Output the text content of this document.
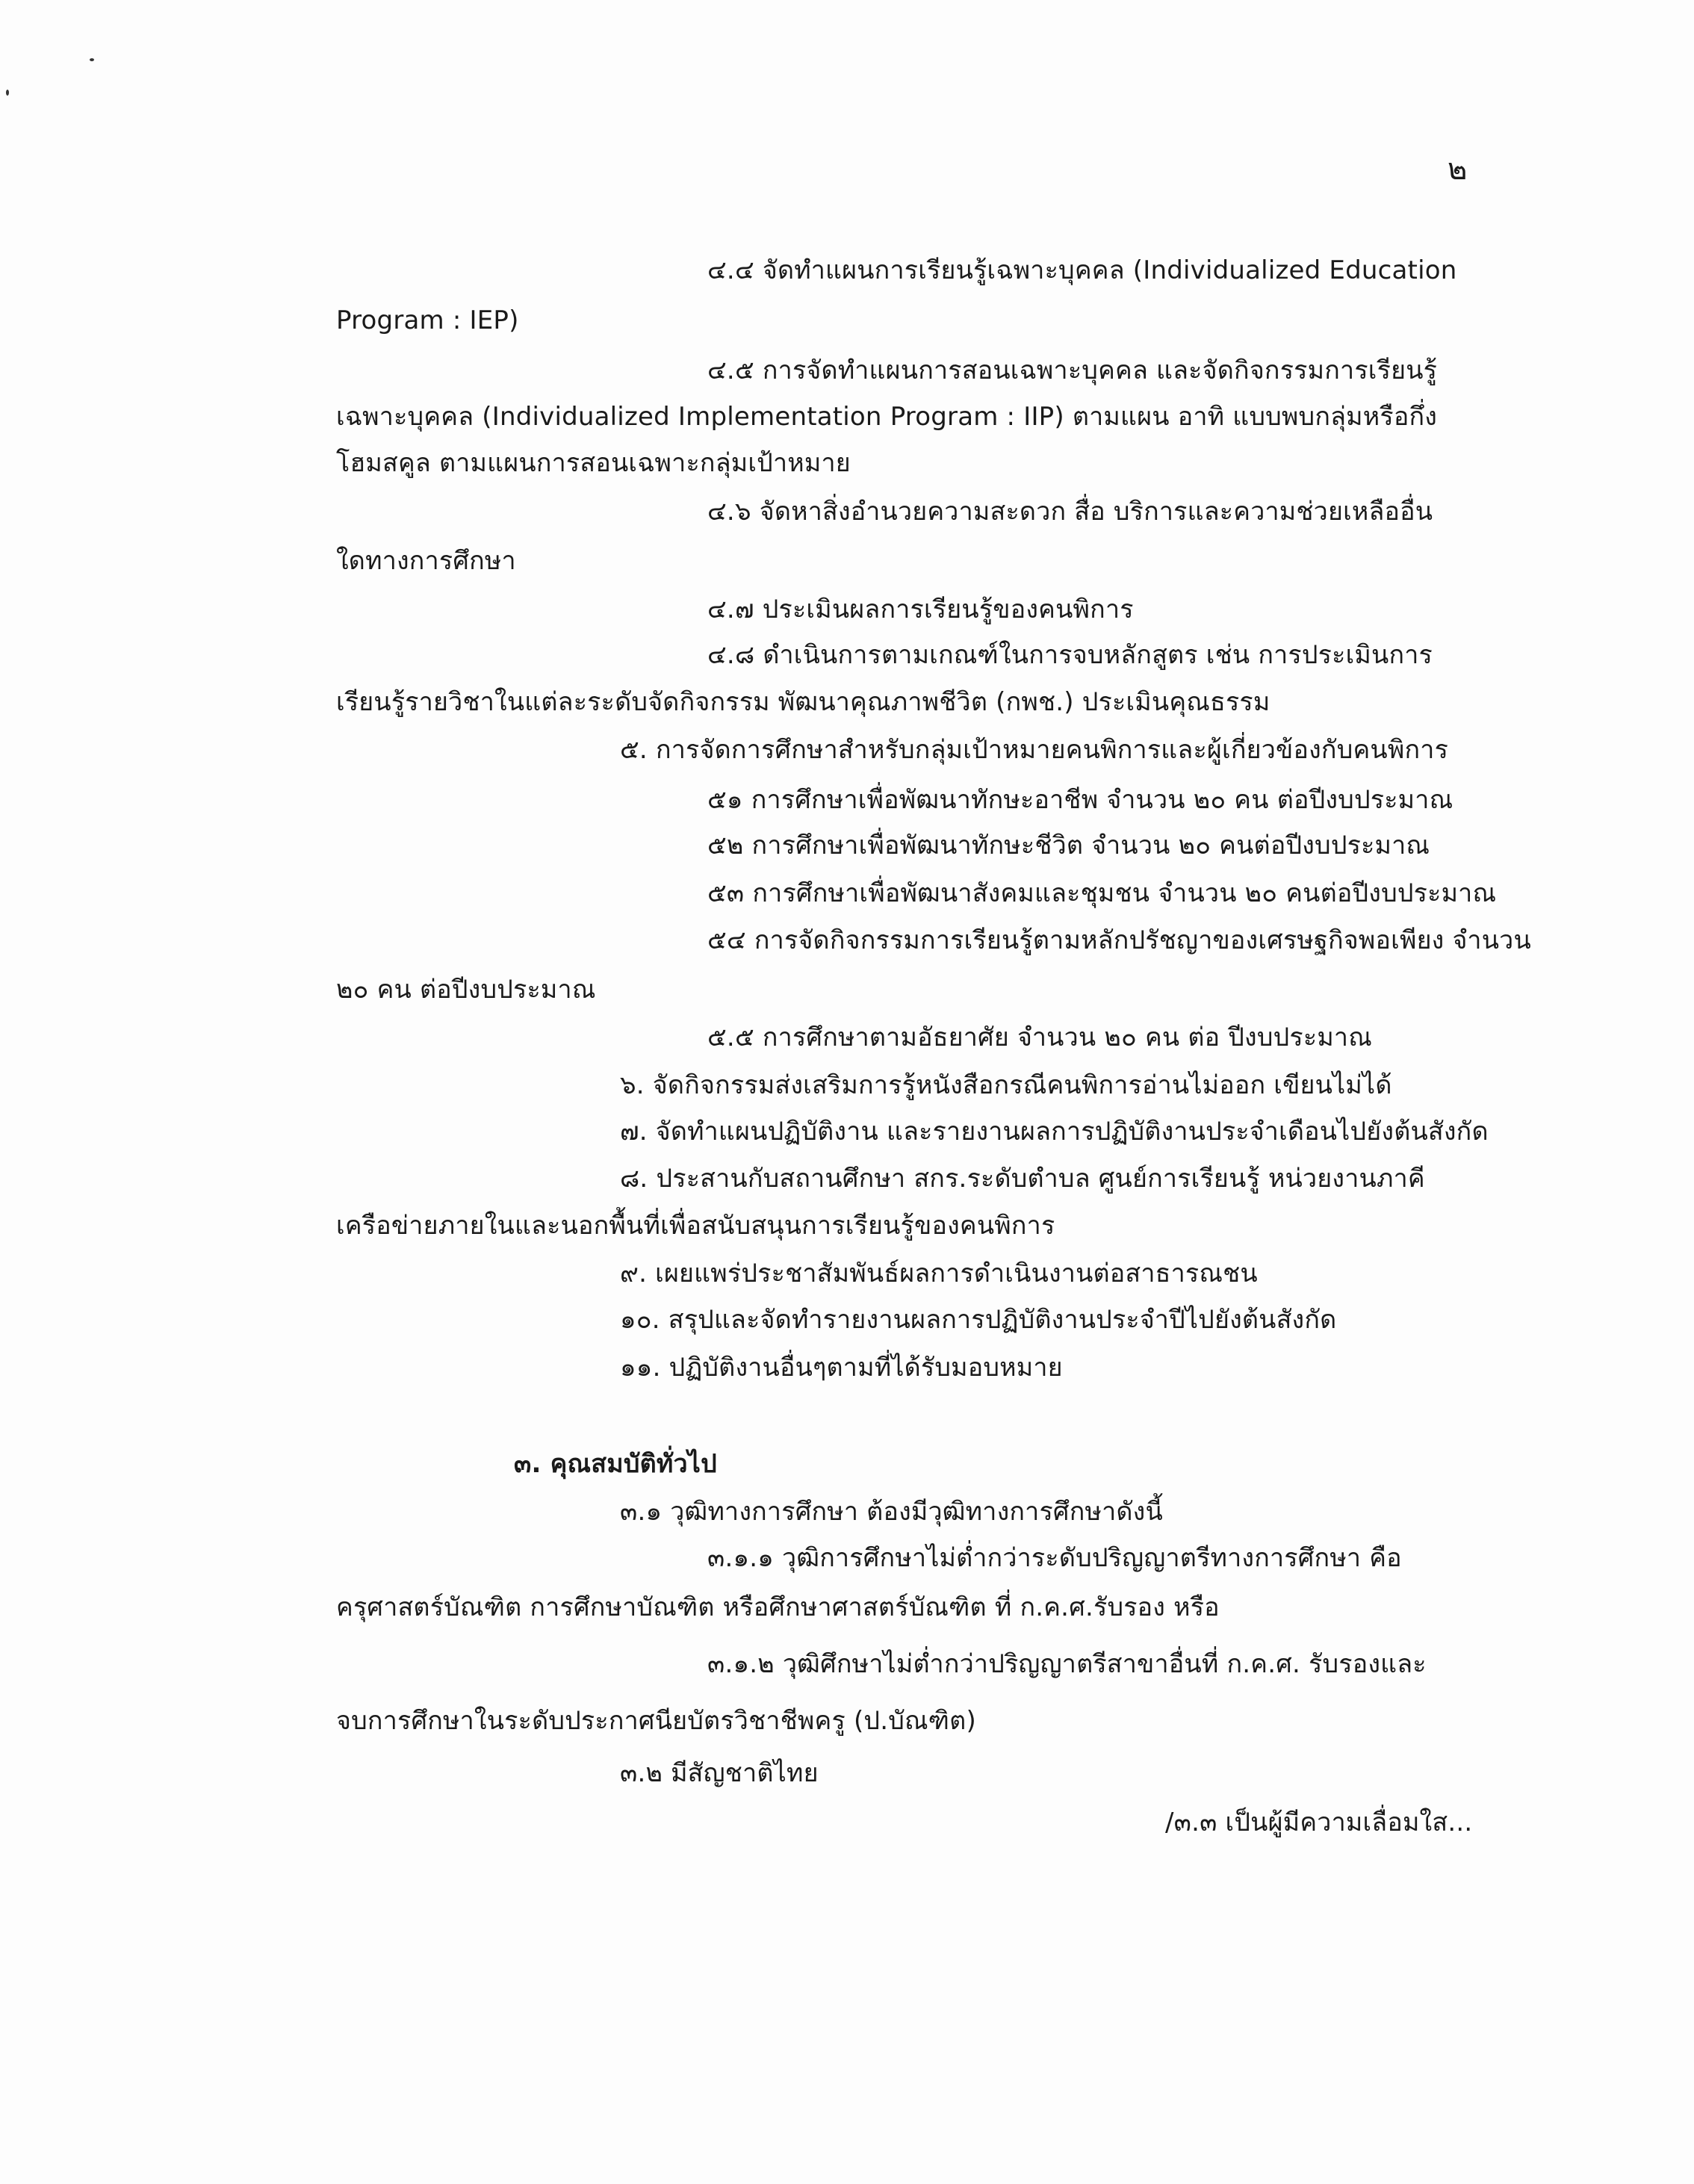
๒
๔.๔ จัดทำแผนการเรียนรู้เฉพาะบุคคล (Individualized Education
Program : IEP)
๔.๕ การจัดทำแผนการสอนเฉพาะบุคคล และจัดกิจกรรมการเรียนรู้
เฉพาะบุคคล (Individualized Implementation Program : IIP) ตามแผน อาทิ แบบพบกลุ่มหรือกึ่ง
โฮมสคูล ตามแผนการสอนเฉพาะกลุ่มเป้าหมาย
๔.๖ จัดหาสิ่งอำนวยความสะดวก สื่อ บริการและความช่วยเหลืออื่น
ใดทางการศึกษา
๔.๗ ประเมินผลการเรียนรู้ของคนพิการ
๔.๘ ดำเนินการตามเกณฑ์ในการจบหลักสูตร เช่น การประเมินการ
เรียนรู้รายวิชาในแต่ละระดับจัดกิจกรรม พัฒนาคุณภาพชีวิต (กพช.) ประเมินคุณธรรม
๕. การจัดการศึกษาสำหรับกลุ่มเป้าหมายคนพิการและผู้เกี่ยวข้องกับคนพิการ
๕๑ การศึกษาเพื่อพัฒนาทักษะอาชีพ จำนวน ๒๐ คน ต่อปีงบประมาณ
๕๒ การศึกษาเพื่อพัฒนาทักษะชีวิต จำนวน ๒๐ คนต่อปีงบประมาณ
๕๓ การศึกษาเพื่อพัฒนาสังคมและชุมชน จำนวน ๒๐ คนต่อปีงบประมาณ
๕๔ การจัดกิจกรรมการเรียนรู้ตามหลักปรัชญาของเศรษฐกิจพอเพียง จำนวน
๒๐ คน ต่อปีงบประมาณ
๕.๕ การศึกษาตามอัธยาศัย จำนวน ๒๐ คน ต่อ ปีงบประมาณ
๖. จัดกิจกรรมส่งเสริมการรู้หนังสือกรณีคนพิการอ่านไม่ออก เขียนไม่ได้
๗. จัดทำแผนปฏิบัติงาน และรายงานผลการปฏิบัติงานประจำเดือนไปยังต้นสังกัด
๘. ประสานกับสถานศึกษา สกร.ระดับตำบล ศูนย์การเรียนรู้ หน่วยงานภาคี
เครือข่ายภายในและนอกพื้นที่เพื่อสนับสนุนการเรียนรู้ของคนพิการ
๙. เผยแพร่ประชาสัมพันธ์ผลการดำเนินงานต่อสาธารณชน
๑๐. สรุปและจัดทำรายงานผลการปฏิบัติงานประจำปีไปยังต้นสังกัด
๑๑. ปฏิบัติงานอื่นๆตามที่ได้รับมอบหมาย
๓. คุณสมบัติทั่วไป
๓.๑ วุฒิทางการศึกษา ต้องมีวุฒิทางการศึกษาดังนี้
๓.๑.๑ วุฒิการศึกษาไม่ต่ำกว่าระดับปริญญาตรีทางการศึกษา คือ
ครุศาสตร์บัณฑิต การศึกษาบัณฑิต หรือศึกษาศาสตร์บัณฑิต ที่ ก.ค.ศ.รับรอง หรือ
๓.๑.๒ วุฒิศึกษาไม่ต่ำกว่าปริญญาตรีสาขาอื่นที่ ก.ค.ศ. รับรองและ
จบการศึกษาในระดับประกาศนียบัตรวิชาชีพครู (ป.บัณฑิต)
๓.๒ มีสัญชาติไทย
/๓.๓ เป็นผู้มีความเลื่อมใส...
